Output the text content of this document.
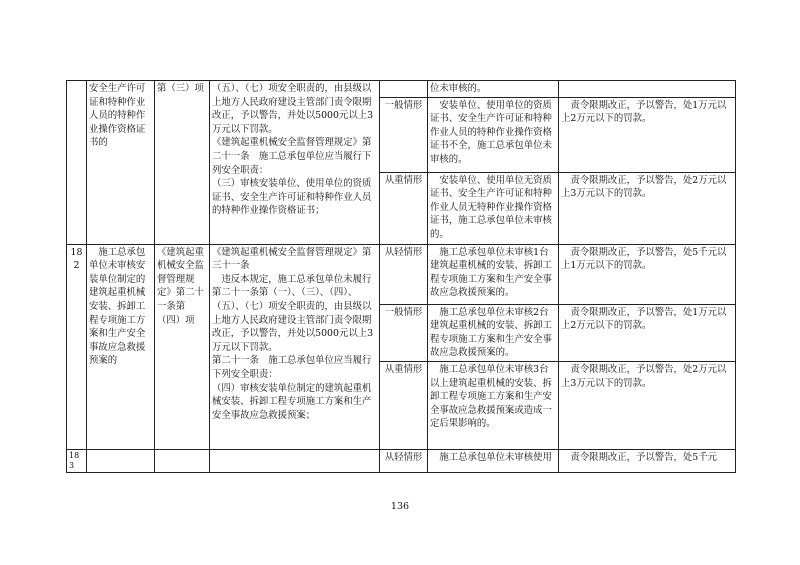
	安全生产许可证和特种作业人员的特种作业操作资格证书的	第（三）项	（五）、（七）项安全职责的，由县级以上地方人民政府建设主管部门责令限期改正，予以警告，并处以5000元以上3万元以下罚款。
《建筑起重机械安全监督管理规定》第二十一条　施工总承包单位应当履行下列安全职责：
（三）审核安装单位、使用单位的资质证书、安全生产许可证和特种作业人员的特种作业操作资格证书；		位未审核的。	
				一般情形	　安装单位、使用单位的资质证书、安全生产许可证和特种作业人员的特种作业操作资格证书不全，施工总承包单位未审核的。	　责令限期改正，予以警告，处1万元以上2万元以下的罚款。
				从重情形	　安装单位、使用单位无资质证书、安全生产许可证和特种作业人员无特种作业操作资格证书，施工总承包单位未审核的。	　责令限期改正，予以警告，处2万元以上3万元以下的罚款。
182	　施工总承包单位未审核安装单位制定的建筑起重机械安装、拆卸工程专项施工方案和生产安全事故应急救援预案的	《建筑起重机械安全监督管理规定》第二十一条第（四）项	《建筑起重机械安全监督管理规定》第三十一条
　违反本规定，施工总承包单位未履行第二十一条第（一）、（三）、（四）、（五）、（七）项安全职责的，由县级以上地方人民政府建设主管部门责令限期改正，予以警告，并处以5000元以上3万元以下罚款。
第二十一条　施工总承包单位应当履行下列安全职责：
（四）审核安装单位制定的建筑起重机械安装、拆卸工程专项施工方案和生产安全事故应急救援预案；	从轻情形	　施工总承包单位未审核1台建筑起重机械的安装、拆卸工程专项施工方案和生产安全事故应急救援预案的。	　责令限期改正，予以警告，处5千元以上1万元以下的罚款。
				一般情形	　施工总承包单位未审核2台建筑起重机械的安装、拆卸工程专项施工方案和生产安全事故应急救援预案的。	　责令限期改正，予以警告，处1万元以上2万元以下的罚款。
				从重情形	　施工总承包单位未审核3台以上建筑起重机械的安装、拆卸工程专项施工方案和生产安全事故应急救援预案或造成一定后果影响的。	　责令限期改正，予以警告，处2万元以上3万元以下的罚款。
183				从轻情形	　施工总承包单位未审核使用	　责令限期改正，予以警告，处5千元
136
